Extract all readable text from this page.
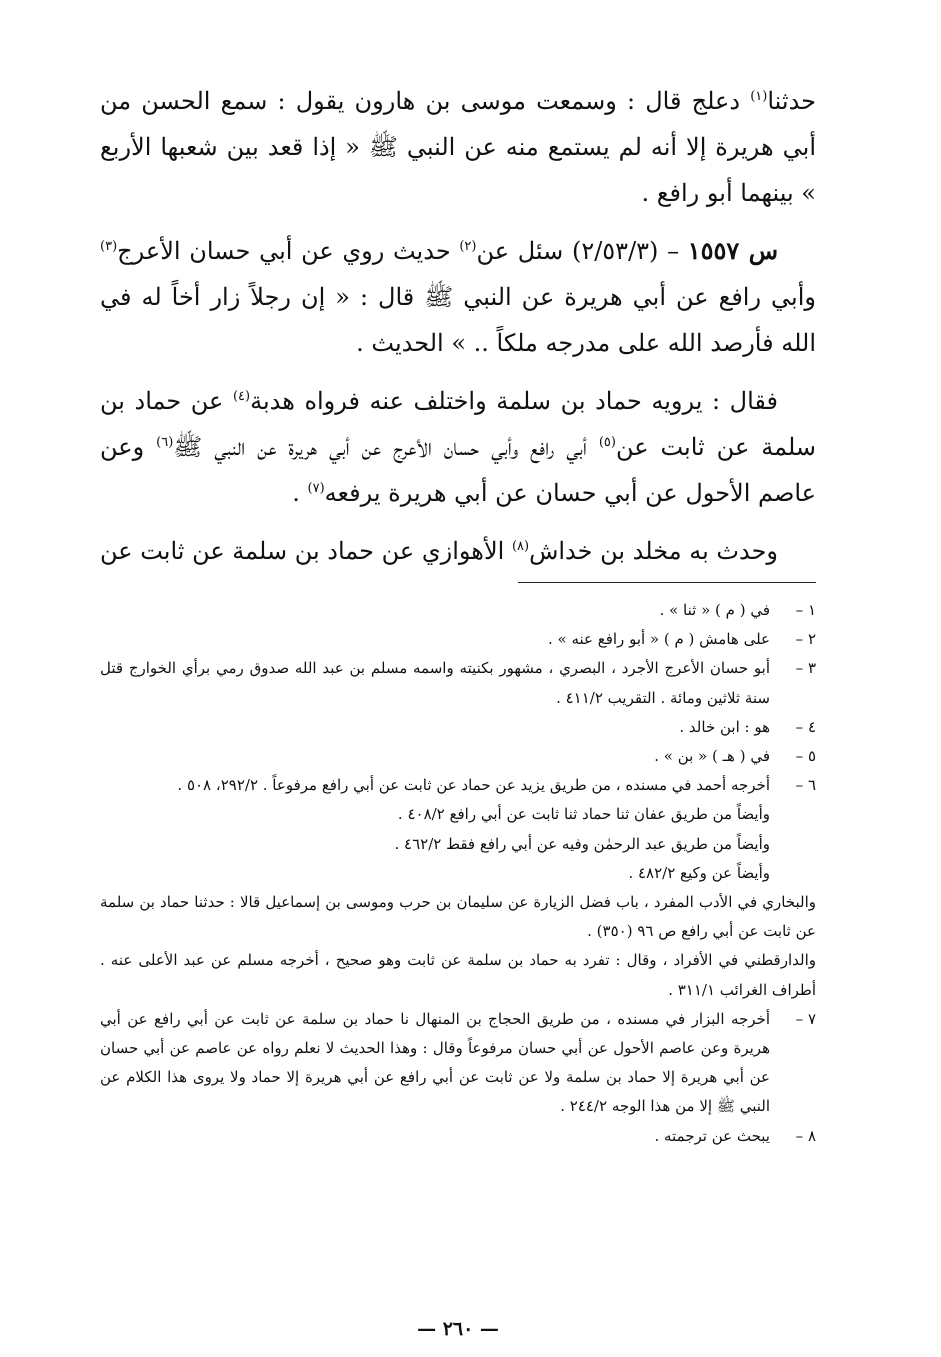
حدثنا$^{(١)}$ دعلج قال : وسمعت موسى بن هارون يقول : سمع الحسن من أبي هريرة إلا أنه لم يستمع منه عن النبي ﷺ « إذا قعد بين شعبها الأربع » بينهما أبو رافع .

س ١٥٥٧ – (٢/٥٣/٣) سئل عن$^{(٢)}$ حديث روي عن أبي حسان الأعرج$^{(٣)}$ وأبي رافع عن أبي هريرة عن النبي ﷺ قال : « إن رجلاً زار أخاً له في الله فأرصد الله على مدرجه ملكاً .. » الحديث .

فقال : يرويه حماد بن سلمة واختلف عنه فرواه هدبة$^{(٤)}$ عن حماد بن سلمة عن ثابت عن$^{(٥)}$ أبي رافع وأبي حسان الأعرج عن أبي هريرة عن النبي ﷺ$^{(٦)}$ وعن عاصم الأحول عن أبي حسان عن أبي هريرة يرفعه$^{(٧)}$ .

وحدث به مخلد بن خداش$^{(٨)}$ الأهوازي عن حماد بن سلمة عن ثابت عن

١ –
في ( م ) « ثنا » .
٢ –
على هامش ( م ) « أبو رافع عنه » .
٣ –
أبو حسان الأعرج الأجرد ، البصري ، مشهور بكنيته واسمه مسلم بن عبد الله صدوق رمي برأي الخوارج قتل سنة ثلاثين ومائة . التقريب ٤١١/٢ .
٤ –
هو : ابن خالد .
٥ –
في ( هـ ) « بن » .
٦ –
أخرجه أحمد في مسنده ، من طريق يزيد عن حماد عن ثابت عن أبي رافع مرفوعاً . ٢٩٢/٢، ٥٠٨ .
وأيضاً من طريق عفان ثنا حماد ثنا ثابت عن أبي رافع ٤٠٨/٢ .
وأيضاً من طريق عبد الرحمٰن وفيه عن أبي رافع فقط ٤٦٢/٢ .
وأيضاً عن وكيع ٤٨٢/٢ .
والبخاري في الأدب المفرد ، باب فضل الزيارة عن سليمان بن حرب وموسى بن إسماعيل قالا : حدثنا حماد بن سلمة عن ثابت عن أبي رافع ص ٩٦ (٣٥٠) .
والدارقطني في الأفراد ، وقال : تفرد به حماد بن سلمة عن ثابت وهو صحيح ، أخرجه مسلم عن عبد الأعلى عنه . أطراف الغرائب ٣١١/١ .
٧ –
أخرجه البزار في مسنده ، من طريق الحجاج بن المنهال نا حماد بن سلمة عن ثابت عن أبي رافع عن أبي هريرة وعن عاصم الأحول عن أبي حسان مرفوعاً وقال : وهذا الحديث لا نعلم رواه عن عاصم عن أبي حسان عن أبي هريرة إلا حماد بن سلمة ولا عن ثابت عن أبي رافع عن أبي هريرة إلا حماد ولا يروى هذا الكلام عن النبي ﷺ إلا من هذا الوجه ٢٤٤/٢ .
٨ –
يبحث عن ترجمته .
— ٢٦٠ —
